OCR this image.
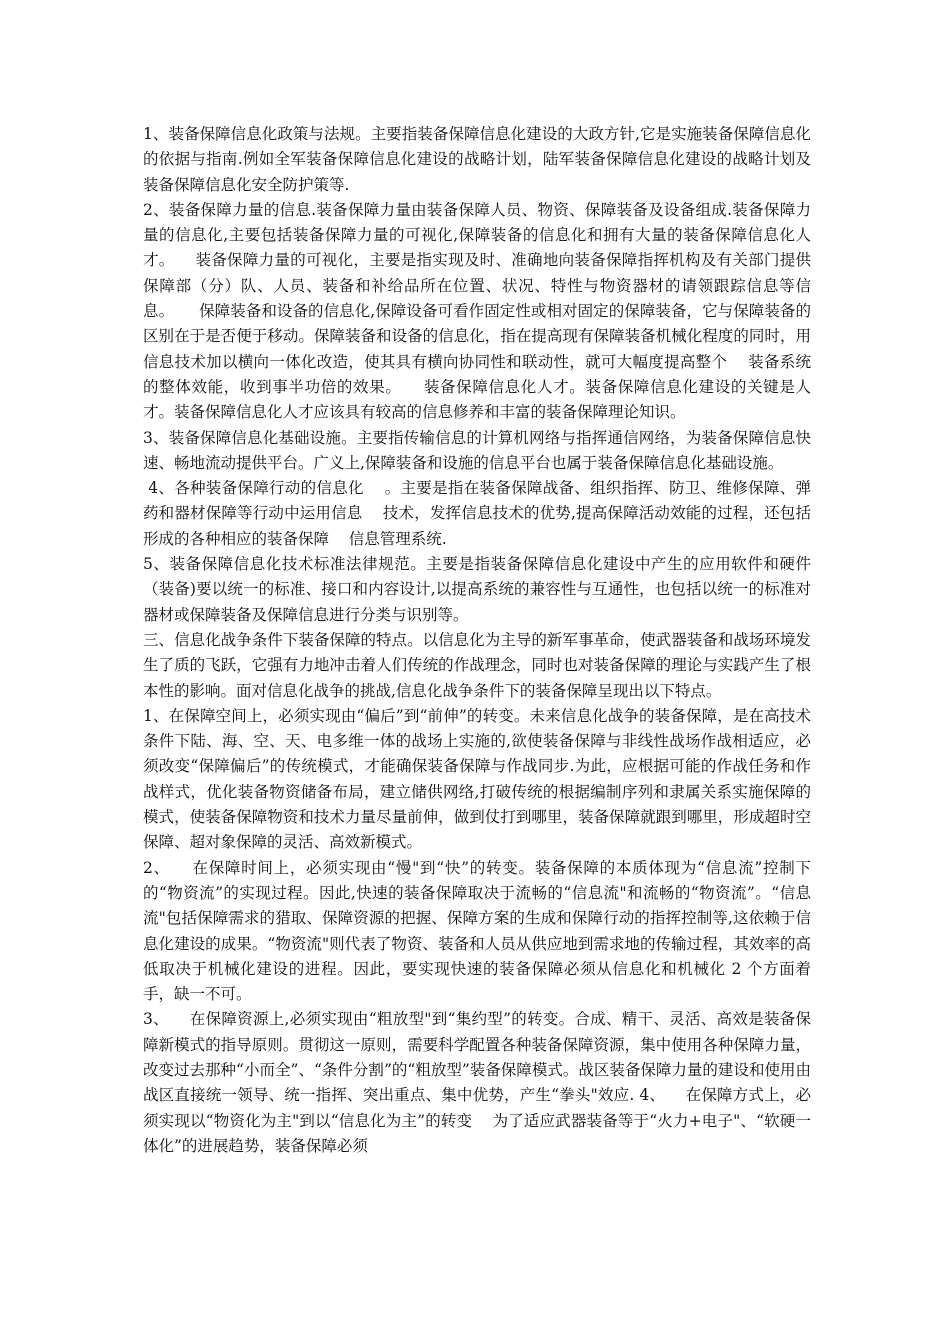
1、装备保障信息化政策与法规。主要指装备保障信息化建设的大政方针,它是实施装备保障信息化的依据与指南.例如全军装备保障信息化建设的战略计划，陆军装备保障信息化建设的战略计划及装备保障信息化安全防护策等.

2、装备保障力量的信息.装备保障力量由装备保障人员、物资、保障装备及设备组成.装备保障力量的信息化,主要包括装备保障力量的可视化,保障装备的信息化和拥有大量的装备保障信息化人才。    装备保障力量的可视化，主要是指实现及时、准确地向装备保障指挥机构及有关部门提供保障部（分）队、人员、装备和补给品所在位置、状况、特性与物资器材的请领跟踪信息等信    息。     保障装备和设备的信息化,保障设备可看作固定性或相对固定的保障装备，它与保障装备的区别在于是否便于移动。保障装备和设备的信息化，指在提高现有保障装备机械化程度的同时，用信息技术加以横向一体化改造，使其具有横向协同性和联动性，就可大幅度提高整个    装备系统的整体效能，收到事半功倍的效果。    装备保障信息化人才。装备保障信息化建设的关键是人才。装备保障信息化人才应该具有较高的信息修养和丰富的装备保障理论知识。

3、装备保障信息化基础设施。主要指传输信息的计算机网络与指挥通信网络，为装备保障信息快速、畅地流动提供平台。广义上,保障装备和设施的信息平台也属于装备保障信息化基础设施。

4、各种装备保障行动的信息化    。主要是指在装备保障战备、组织指挥、防卫、维修保障、弹药和器材保障等行动中运用信息    技术，发挥信息技术的优势,提高保障活动效能的过程，还包括形成的各种相应的装备保障    信息管理系统.

5、装备保障信息化技术标准法律规范。主要是指装备保障信息化建设中产生的应用软件和硬件（装备)要以统一的标准、接口和内容设计,以提高系统的兼容性与互通性，也包括以统一的标准对器材或保障装备及保障信息进行分类与识别等。

三、信息化战争条件下装备保障的特点。以信息化为主导的新军事革命，使武器装备和战场环境发生了质的飞跃，它强有力地冲击着人们传统的作战理念，同时也对装备保障的理论与实践产生了根本性的影响。面对信息化战争的挑战,信息化战争条件下的装备保障呈现出以下特点。

1、在保障空间上，必须实现由“偏后”到“前伸”的转变。未来信息化战争的装备保障，是在高技术条件下陆、海、空、天、电多维一体的战场上实施的,欲使装备保障与非线性战场作战相适应，必须改变“保障偏后”的传统模式，才能确保装备保障与作战同步.为此，应根据可能的作战任务和作战样式，优化装备物资储备布局，建立储供网络,打破传统的根据编制序列和隶属关系实施保障的模式，使装备保障物资和技术力量尽量前伸，做到仗打到哪里，装备保障就跟到哪里，形成超时空保障、超对象保障的灵活、高效新模式。

2、    在保障时间上，必须实现由“慢"到“快”的转变。装备保障的本质体现为“信息流”控制下的“物资流”的实现过程。因此,快速的装备保障取决于流畅的“信息流"和流畅的“物资流”。“信息流"包括保障需求的猎取、保障资源的把握、保障方案的生成和保障行动的指挥控制等,这依赖于信息化建设的成果。“物资流"则代表了物资、装备和人员从供应地到需求地的传输过程，其效率的高低取决于机械化建设的进程。因此，要实现快速的装备保障必须从信息化和机械化 2 个方面着手，缺一不可。

3、    在保障资源上,必须实现由“粗放型"到“集约型”的转变。合成、精干、灵活、高效是装备保障新模式的指导原则。贯彻这一原则，需要科学配置各种装备保障资源，集中使用各种保障力量，改变过去那种“小而全”、“条件分割”的“粗放型”装备保障模式。战区装备保障力量的建设和使用由战区直接统一领导、统一指挥、突出重点、集中优势，产生“拳头"效应. 4、    在保障方式上，必须实现以“物资化为主"到以“信息化为主”的转变    为了适应武器装备等于“火力+电子"、“软硬一体化”的进展趋势，装备保障必须
